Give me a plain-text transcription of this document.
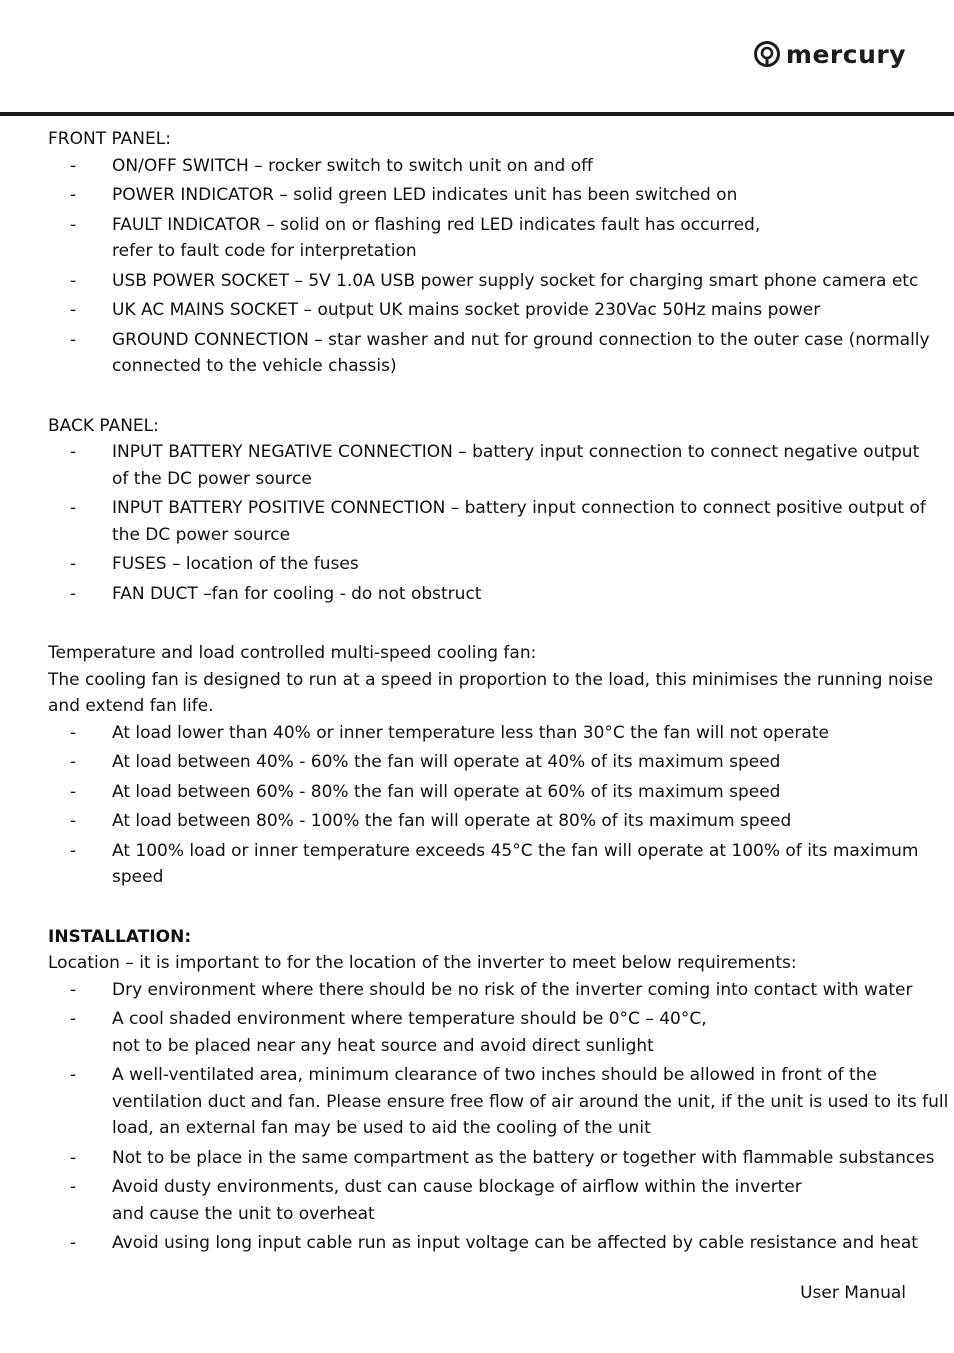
mercury
FRONT PANEL:
- ON/OFF SWITCH – rocker switch to switch unit on and off
- POWER INDICATOR – solid green LED indicates unit has been switched on
- FAULT INDICATOR – solid on or flashing red LED indicates fault has occurred,
refer to fault code for interpretation
- USB POWER SOCKET – 5V 1.0A USB power supply socket for charging smart phone camera etc
- UK AC MAINS SOCKET – output UK mains socket provide 230Vac 50Hz mains power
- GROUND CONNECTION – star washer and nut for ground connection to the outer case (normally
connected to the vehicle chassis)
BACK PANEL:
- INPUT BATTERY NEGATIVE CONNECTION – battery input connection to connect negative output
of the DC power source
- INPUT BATTERY POSITIVE CONNECTION – battery input connection to connect positive output of
the DC power source
- FUSES – location of the fuses
- FAN DUCT –fan for cooling - do not obstruct
Temperature and load controlled multi-speed cooling fan:
The cooling fan is designed to run at a speed in proportion to the load, this minimises the running noise
and extend fan life.
- At load lower than 40% or inner temperature less than 30°C the fan will not operate
- At load between 40% - 60% the fan will operate at 40% of its maximum speed
- At load between 60% - 80% the fan will operate at 60% of its maximum speed
- At load between 80% - 100% the fan will operate at 80% of its maximum speed
- At 100% load or inner temperature exceeds 45°C the fan will operate at 100% of its maximum
speed
INSTALLATION:
Location – it is important to for the location of the inverter to meet below requirements:
- Dry environment where there should be no risk of the inverter coming into contact with water
- A cool shaded environment where temperature should be 0°C – 40°C,
not to be placed near any heat source and avoid direct sunlight
- A well-ventilated area, minimum clearance of two inches should be allowed in front of the
ventilation duct and fan. Please ensure free flow of air around the unit, if the unit is used to its full
load, an external fan may be used to aid the cooling of the unit
- Not to be place in the same compartment as the battery or together with flammable substances
- Avoid dusty environments, dust can cause blockage of airflow within the inverter
and cause the unit to overheat
- Avoid using long input cable run as input voltage can be affected by cable resistance and heat
User Manual
